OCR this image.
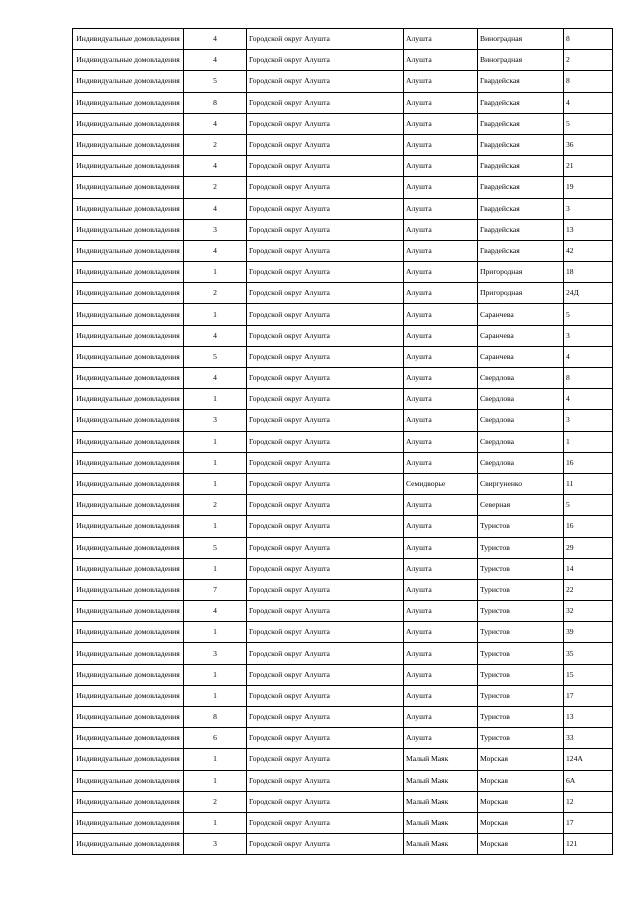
Индивидуальные домовладения	4	Городской округ Алушта	Алушта	Виноградная	8
Индивидуальные домовладения	4	Городской округ Алушта	Алушта	Виноградная	2
Индивидуальные домовладения	5	Городской округ Алушта	Алушта	Гвардейская	8
Индивидуальные домовладения	8	Городской округ Алушта	Алушта	Гвардейская	4
Индивидуальные домовладения	4	Городской округ Алушта	Алушта	Гвардейская	5
Индивидуальные домовладения	2	Городской округ Алушта	Алушта	Гвардейская	36
Индивидуальные домовладения	4	Городской округ Алушта	Алушта	Гвардейская	21
Индивидуальные домовладения	2	Городской округ Алушта	Алушта	Гвардейская	19
Индивидуальные домовладения	4	Городской округ Алушта	Алушта	Гвардейская	3
Индивидуальные домовладения	3	Городской округ Алушта	Алушта	Гвардейская	13
Индивидуальные домовладения	4	Городской округ Алушта	Алушта	Гвардейская	42
Индивидуальные домовладения	1	Городской округ Алушта	Алушта	Пригородная	18
Индивидуальные домовладения	2	Городской округ Алушта	Алушта	Пригородная	24Д
Индивидуальные домовладения	1	Городской округ Алушта	Алушта	Саранчева	5
Индивидуальные домовладения	4	Городской округ Алушта	Алушта	Саранчева	3
Индивидуальные домовладения	5	Городской округ Алушта	Алушта	Саранчева	4
Индивидуальные домовладения	4	Городской округ Алушта	Алушта	Свердлова	8
Индивидуальные домовладения	1	Городской округ Алушта	Алушта	Свердлова	4
Индивидуальные домовладения	3	Городской округ Алушта	Алушта	Свердлова	3
Индивидуальные домовладения	1	Городской округ Алушта	Алушта	Свердлова	1
Индивидуальные домовладения	1	Городской округ Алушта	Алушта	Свердлова	16
Индивидуальные домовладения	1	Городской округ Алушта	Семидворье	Свиргуненко	11
Индивидуальные домовладения	2	Городской округ Алушта	Алушта	Северная	5
Индивидуальные домовладения	1	Городской округ Алушта	Алушта	Туристов	16
Индивидуальные домовладения	5	Городской округ Алушта	Алушта	Туристов	29
Индивидуальные домовладения	1	Городской округ Алушта	Алушта	Туристов	14
Индивидуальные домовладения	7	Городской округ Алушта	Алушта	Туристов	22
Индивидуальные домовладения	4	Городской округ Алушта	Алушта	Туристов	32
Индивидуальные домовладения	1	Городской округ Алушта	Алушта	Туристов	39
Индивидуальные домовладения	3	Городской округ Алушта	Алушта	Туристов	35
Индивидуальные домовладения	1	Городской округ Алушта	Алушта	Туристов	15
Индивидуальные домовладения	1	Городской округ Алушта	Алушта	Туристов	17
Индивидуальные домовладения	8	Городской округ Алушта	Алушта	Туристов	13
Индивидуальные домовладения	6	Городской округ Алушта	Алушта	Туристов	33
Индивидуальные домовладения	1	Городской округ Алушта	Малый Маяк	Морская	124А
Индивидуальные домовладения	1	Городской округ Алушта	Малый Маяк	Морская	6А
Индивидуальные домовладения	2	Городской округ Алушта	Малый Маяк	Морская	12
Индивидуальные домовладения	1	Городской округ Алушта	Малый Маяк	Морская	17
Индивидуальные домовладения	3	Городской округ Алушта	Малый Маяк	Морская	121
